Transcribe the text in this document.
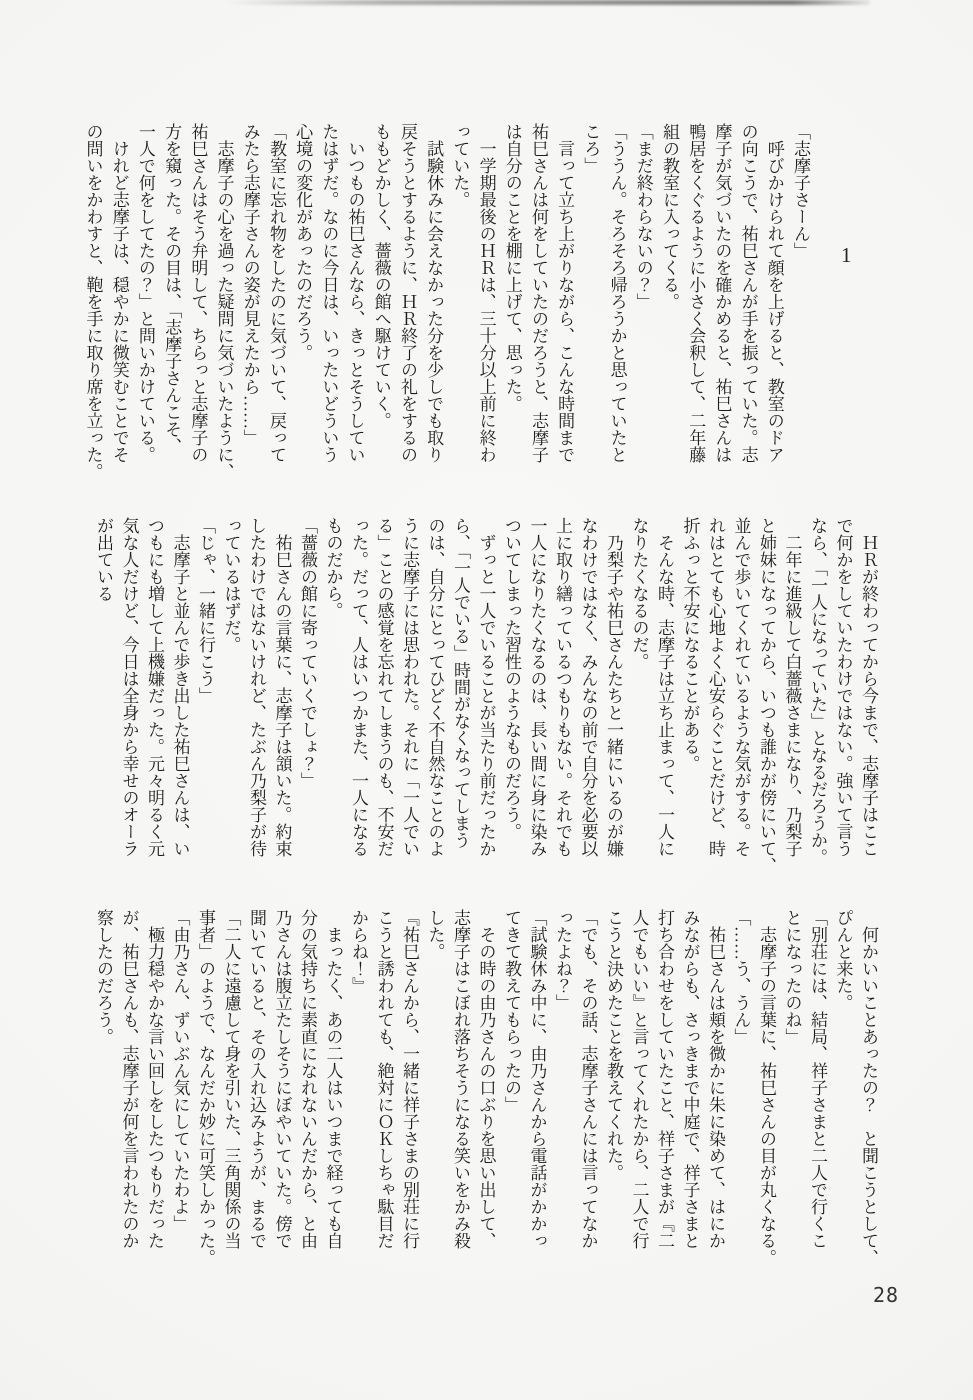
1
「志摩子さーん」
　呼びかけられて顔を上げると、教室のドア
の向こうで、祐巳さんが手を振っていた。志
摩子が気づいたのを確かめると、祐巳さんは
鴨居をくぐるように小さく会釈して、二年藤
組の教室に入ってくる。
「まだ終わらないの？」
「ううん。そろそろ帰ろうかと思っていたと
ころ」
　言って立ち上がりながら、こんな時間まで
祐巳さんは何をしていたのだろうと、志摩子
は自分のことを棚に上げて、思った。
　一学期最後のＨＲは、三十分以上前に終わ
っていた。
　試験休みに会えなかった分を少しでも取り
戻そうとするように、ＨＲ終了の礼をするの
ももどかしく、薔薇の館へ駆けていく。
　いつもの祐巳さんなら、きっとそうしてい
たはずだ。なのに今日は、いったいどういう
心境の変化があったのだろう。
「教室に忘れ物をしたのに気づいて、戻って
みたら志摩子さんの姿が見えたから……」
　志摩子の心を過った疑問に気づいたように、
祐巳さんはそう弁明して、ちらっと志摩子の
方を窺った。その目は、「志摩子さんこそ、
一人で何をしてたの？」と問いかけている。
　けれど志摩子は、穏やかに微笑むことでそ
の問いをかわすと、鞄を手に取り席を立った。
　ＨＲが終わってから今まで、志摩子はここ
で何かをしていたわけではない。強いて言う
なら、「一人になっていた」となるだろうか。
　二年に進級して白薔薇さまになり、乃梨子
と姉妹になってから、いつも誰かが傍にいて、
並んで歩いてくれているような気がする。そ
れはとても心地よく心安らぐことだけど、時
折ふっと不安になることがある。
　そんな時、志摩子は立ち止まって、一人に
なりたくなるのだ。
　乃梨子や祐巳さんたちと一緒にいるのが嫌
なわけではなく、みんなの前で自分を必要以
上に取り繕っているつもりもない。それでも
一人になりたくなるのは、長い間に身に染み
ついてしまった習性のようなものだろう。
　ずっと一人でいることが当たり前だったか
ら、「一人でいる」時間がなくなってしまう
のは、自分にとってひどく不自然なことのよ
うに志摩子には思われた。それに「一人でい
る」ことの感覚を忘れてしまうのも、不安だ
った。だって、人はいつかまた、一人になる
ものだから。
「薔薇の館に寄っていくでしょ？」
　祐巳さんの言葉に、志摩子は頷いた。約束
したわけではないけれど、たぶん乃梨子が待
っているはずだ。
「じゃ、一緒に行こう」
　志摩子と並んで歩き出した祐巳さんは、い
つもにも増して上機嫌だった。元々明るく元
気な人だけど、今日は全身から幸せのオーラ
が出ている
　何かいいことあったの？　と聞こうとして、
ぴんと来た。
「別荘には、結局、祥子さまと二人で行くこ
とになったのね」
　志摩子の言葉に、祐巳さんの目が丸くなる。
「……う、うん」
　祐巳さんは頬を微かに朱に染めて、はにか
みながらも、さっきまで中庭で、祥子さまと
打ち合わせをしていたこと、祥子さまが『二
人でもいい』と言ってくれたから、二人で行
こうと決めたことを教えてくれた。
「でも、その話、志摩子さんには言ってなか
ったよね？」
「試験休み中に、由乃さんから電話がかかっ
てきて教えてもらったの」
　その時の由乃さんの口ぶりを思い出して、
志摩子はこぼれ落ちそうになる笑いをかみ殺
した。
『祐巳さんから、一緒に祥子さまの別荘に行
こうと誘われても、絶対にＯＫしちゃ駄目だ
からね！』
　まったく、あの二人はいつまで経っても自
分の気持ちに素直になれないんだから、と由
乃さんは腹立たしそうにぼやいていた。傍で
聞いていると、その入れ込みようが、まるで
「二人に遠慮して身を引いた、三角関係の当
事者」のようで、なんだか妙に可笑しかった。
「由乃さん、ずいぶん気にしていたわよ」
　極力穏やかな言い回しをしたつもりだった
が、祐巳さんも、志摩子が何を言われたのか
察したのだろう。
28
